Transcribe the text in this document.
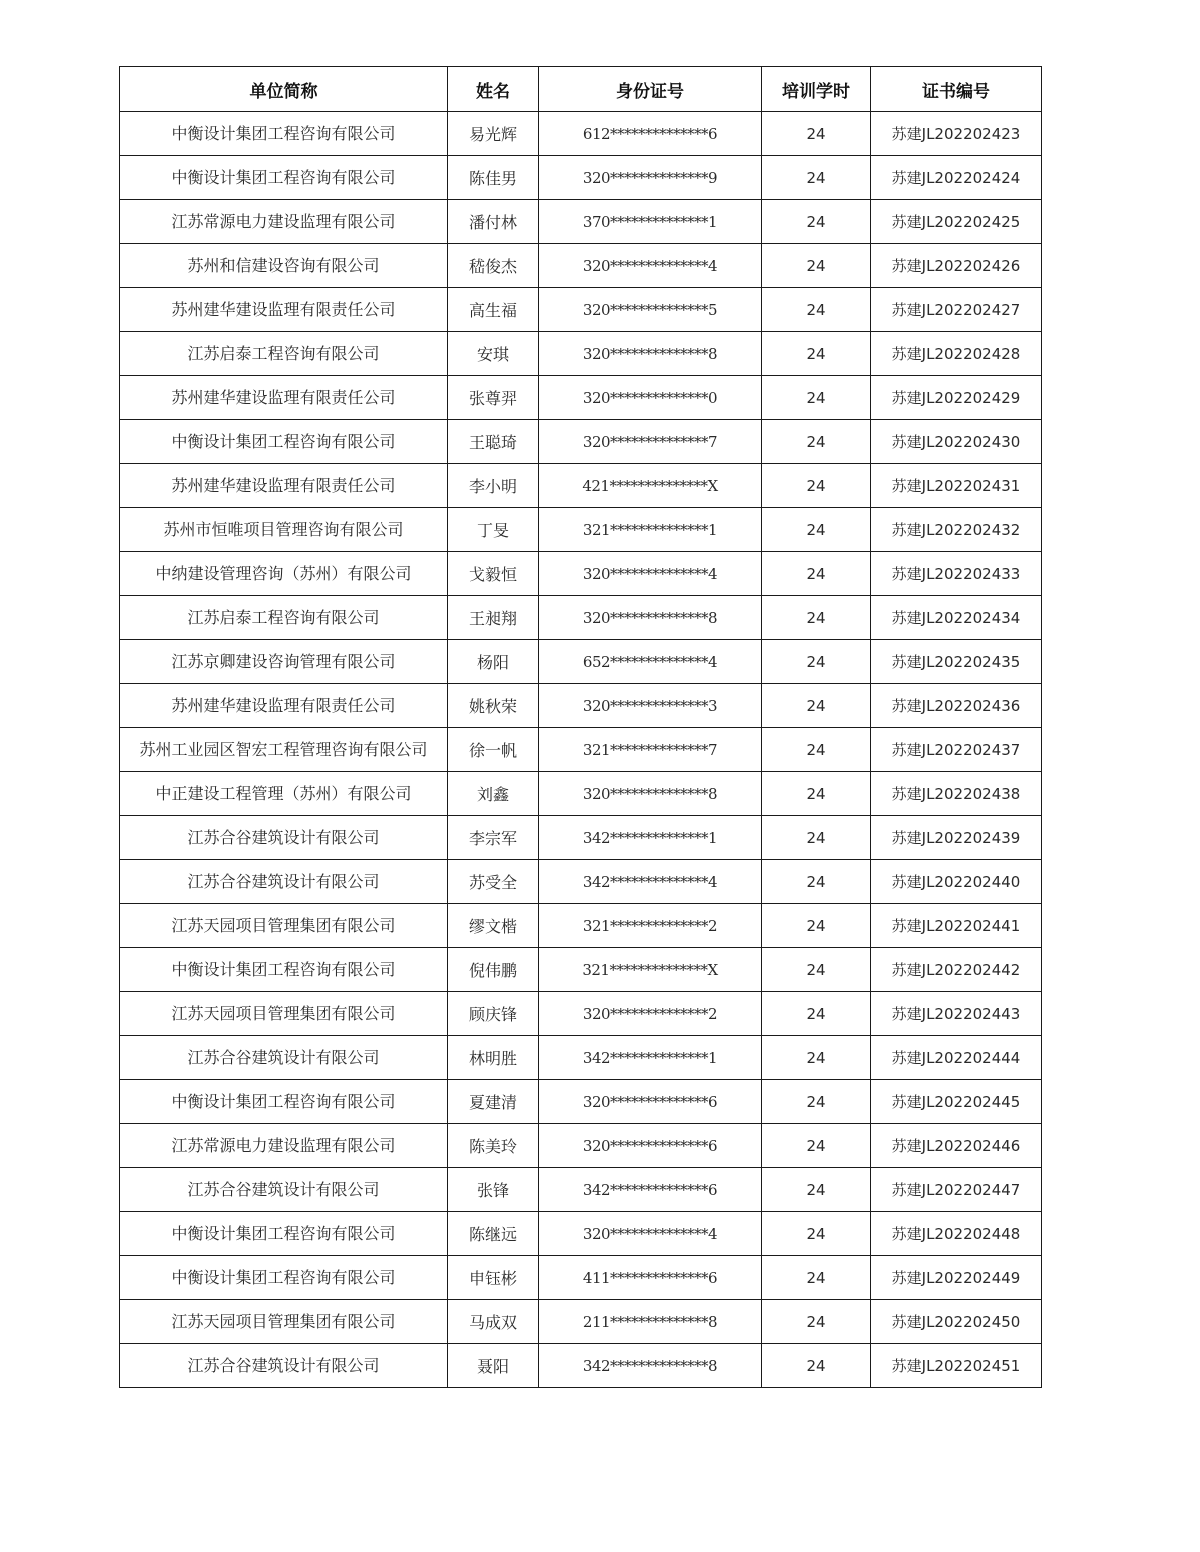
单位简称	姓名	身份证号	培训学时	证书编号
中衡设计集团工程咨询有限公司	易光辉	612**************6	24	苏建JL202202423
中衡设计集团工程咨询有限公司	陈佳男	320**************9	24	苏建JL202202424
江苏常源电力建设监理有限公司	潘付林	370**************1	24	苏建JL202202425
苏州和信建设咨询有限公司	嵇俊杰	320**************4	24	苏建JL202202426
苏州建华建设监理有限责任公司	高生福	320**************5	24	苏建JL202202427
江苏启泰工程咨询有限公司	安琪	320**************8	24	苏建JL202202428
苏州建华建设监理有限责任公司	张尊羿	320**************0	24	苏建JL202202429
中衡设计集团工程咨询有限公司	王聪琦	320**************7	24	苏建JL202202430
苏州建华建设监理有限责任公司	李小明	421**************X	24	苏建JL202202431
苏州市恒唯项目管理咨询有限公司	丁旻	321**************1	24	苏建JL202202432
中纳建设管理咨询（苏州）有限公司	戈毅恒	320**************4	24	苏建JL202202433
江苏启泰工程咨询有限公司	王昶翔	320**************8	24	苏建JL202202434
江苏京卿建设咨询管理有限公司	杨阳	652**************4	24	苏建JL202202435
苏州建华建设监理有限责任公司	姚秋荣	320**************3	24	苏建JL202202436
苏州工业园区智宏工程管理咨询有限公司	徐一帆	321**************7	24	苏建JL202202437
中正建设工程管理（苏州）有限公司	刘鑫	320**************8	24	苏建JL202202438
江苏合谷建筑设计有限公司	李宗军	342**************1	24	苏建JL202202439
江苏合谷建筑设计有限公司	苏受全	342**************4	24	苏建JL202202440
江苏天园项目管理集团有限公司	缪文楷	321**************2	24	苏建JL202202441
中衡设计集团工程咨询有限公司	倪伟鹏	321**************X	24	苏建JL202202442
江苏天园项目管理集团有限公司	顾庆锋	320**************2	24	苏建JL202202443
江苏合谷建筑设计有限公司	林明胜	342**************1	24	苏建JL202202444
中衡设计集团工程咨询有限公司	夏建清	320**************6	24	苏建JL202202445
江苏常源电力建设监理有限公司	陈美玲	320**************6	24	苏建JL202202446
江苏合谷建筑设计有限公司	张锋	342**************6	24	苏建JL202202447
中衡设计集团工程咨询有限公司	陈继远	320**************4	24	苏建JL202202448
中衡设计集团工程咨询有限公司	申钰彬	411**************6	24	苏建JL202202449
江苏天园项目管理集团有限公司	马成双	211**************8	24	苏建JL202202450
江苏合谷建筑设计有限公司	聂阳	342**************8	24	苏建JL202202451
